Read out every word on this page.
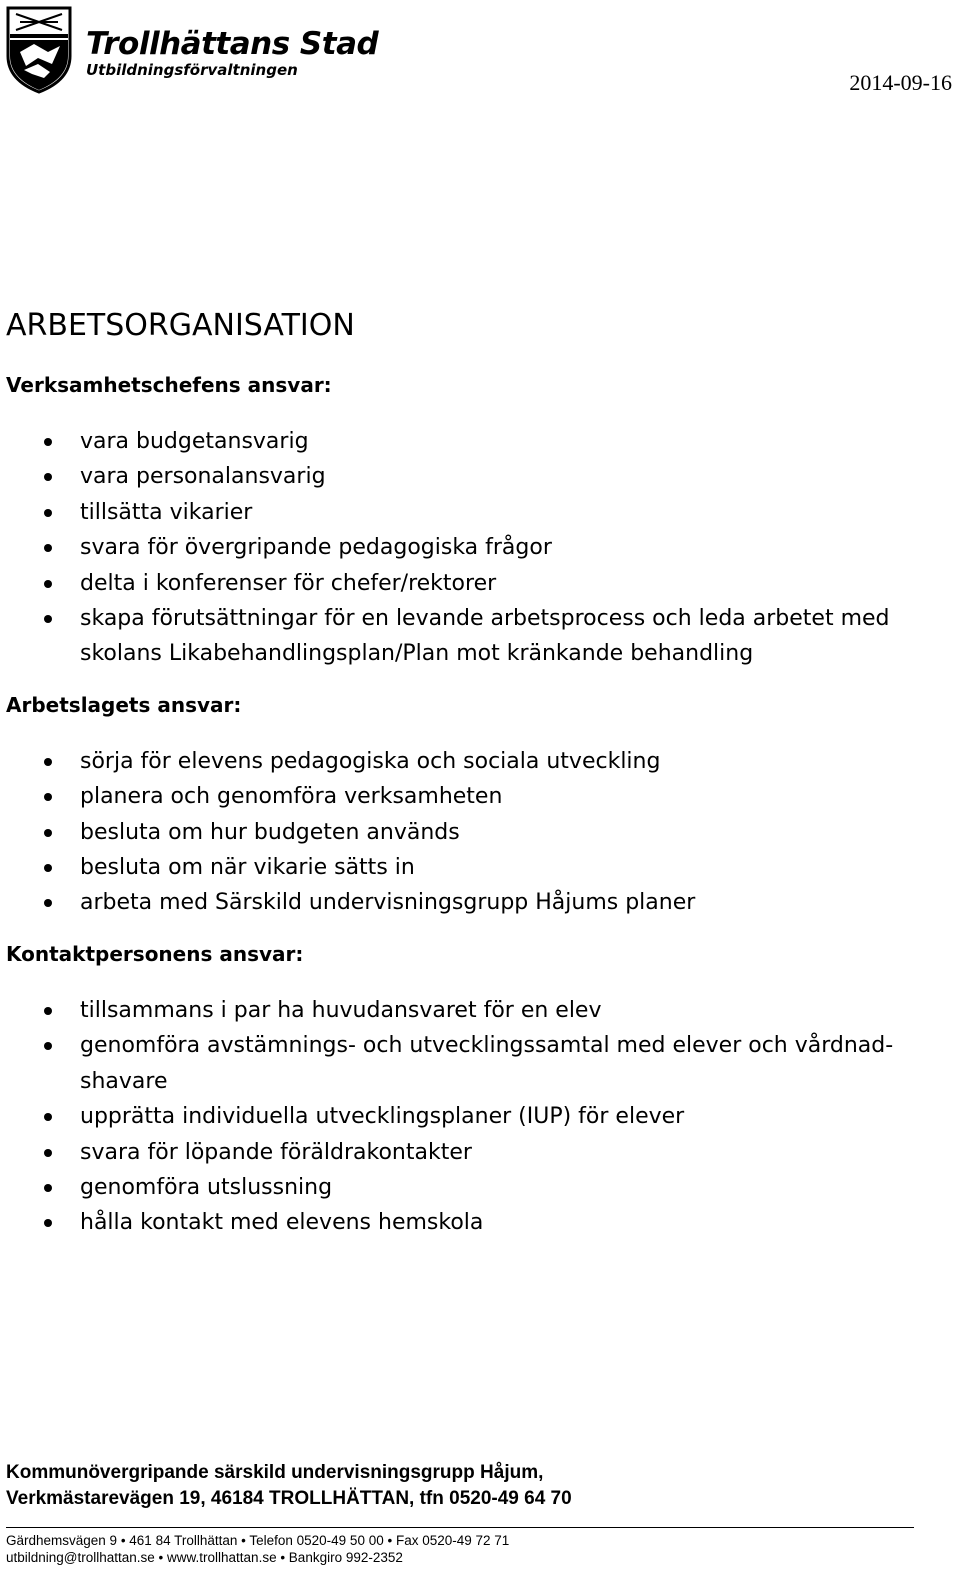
Trollhättans Stad
Utbildningsförvaltningen	2014-09-16
ARBETSORGANISATION
Verksamhetschefens ansvar:
vara budgetansvarig
vara personalansvarig
tillsätta vikarier
svara för övergripande pedagogiska frågor
delta i konferenser för chefer/rektorer
skapa förutsättningar för en levande arbetsprocess och leda arbetet med
skolans Likabehandlingsplan/Plan mot kränkande behandling
Arbetslagets ansvar:
sörja för elevens pedagogiska och sociala utveckling
planera och genomföra verksamheten
besluta om hur budgeten används
besluta om när vikarie sätts in
arbeta med Särskild undervisningsgrupp Håjums planer
Kontaktpersonens ansvar:
tillsammans i par ha huvudansvaret för en elev
genomföra avstämnings- och utvecklingssamtal med elever och vårdnad-
shavare
upprätta individuella utvecklingsplaner (IUP) för elever
svara för löpande föräldrakontakter
genomföra utslussning
hålla kontakt med elevens hemskola
Kommunövergripande särskild undervisningsgrupp Håjum,
Verkmästarevägen 19, 46184 TROLLHÄTTAN, tfn 0520-49 64 70
Gärdhemsvägen 9 • 461 84 Trollhättan • Telefon 0520-49 50 00 • Fax 0520-49 72 71
utbildning@trollhattan.se • www.trollhattan.se • Bankgiro 992-2352
